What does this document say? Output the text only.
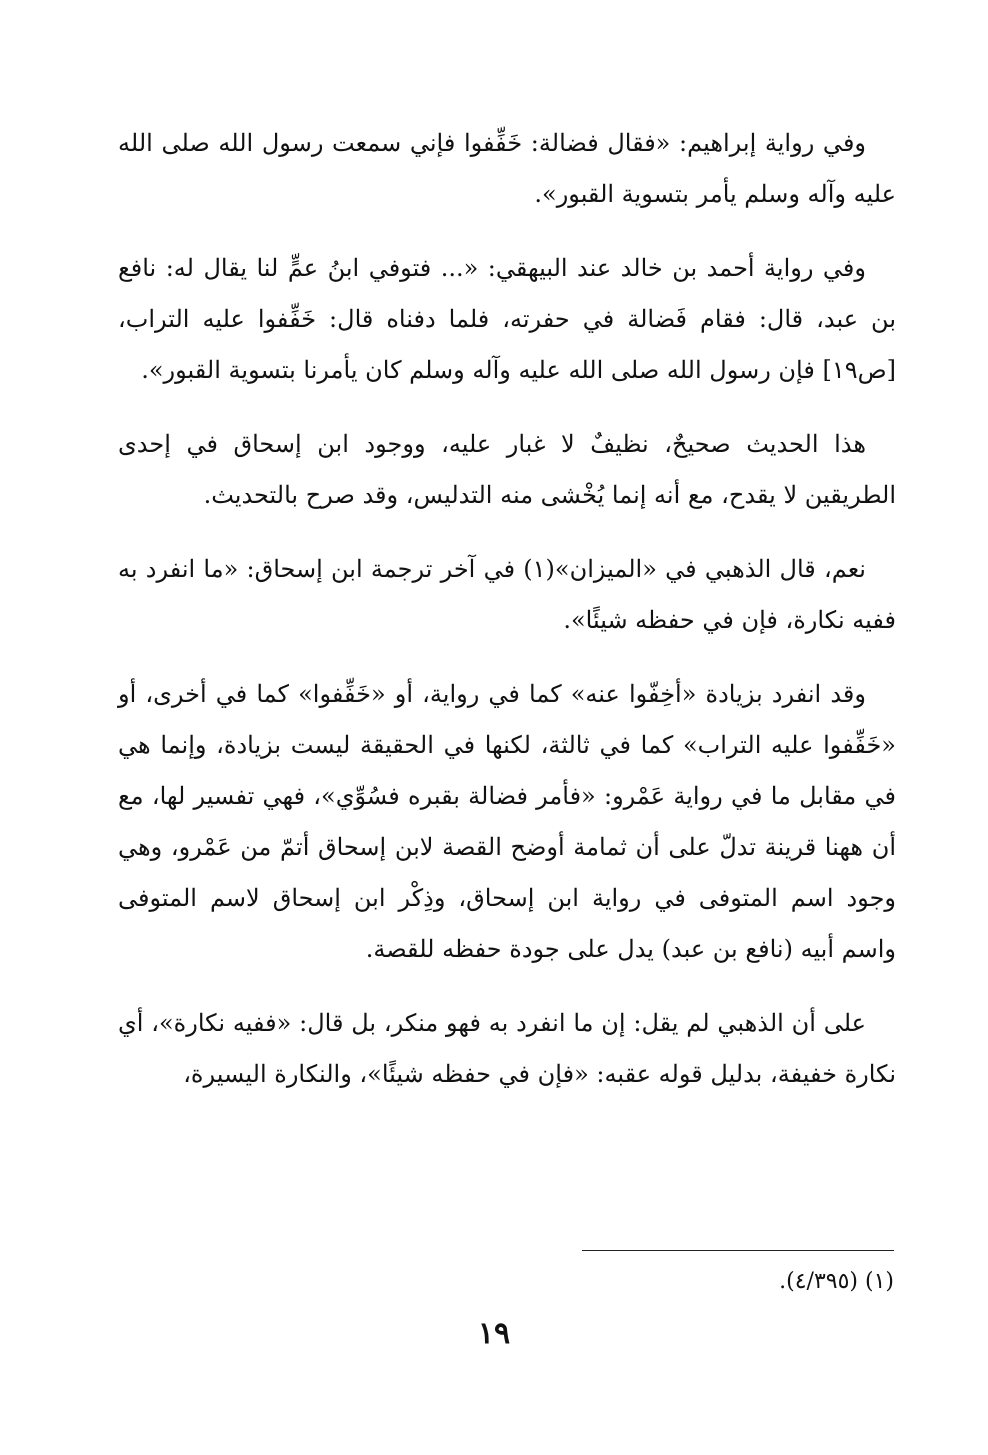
وفي رواية إبراهيم: «فقال فضالة: خَفِّفوا فإني سمعت رسول الله صلى الله عليه وآله وسلم يأمر بتسوية القبور».

وفي رواية أحمد بن خالد عند البيهقي: «... فتوفي ابنُ عمٍّ لنا يقال له: نافع بن عبد، قال: فقام فَضالة في حفرته، فلما دفناه قال: خَفِّفوا عليه التراب، [ص١٩] فإن رسول الله صلى الله عليه وآله وسلم كان يأمرنا بتسوية القبور».

هذا الحديث صحيحٌ، نظيفٌ لا غبار عليه، ووجود ابن إسحاق في إحدى الطريقين لا يقدح، مع أنه إنما يُخْشى منه التدليس، وقد صرح بالتحديث.

نعم، قال الذهبي في «الميزان»(١) في آخر ترجمة ابن إسحاق: «ما انفرد به ففيه نكارة، فإن في حفظه شيئًا».

وقد انفرد بزيادة «أخِفّوا عنه» كما في رواية، أو «خَفِّفوا» كما في أخرى، أو «خَفِّفوا عليه التراب» كما في ثالثة، لكنها في الحقيقة ليست بزيادة، وإنما هي في مقابل ما في رواية عَمْرو: «فأمر فضالة بقبره فسُوِّي»، فهي تفسير لها، مع أن ههنا قرينة تدلّ على أن ثمامة أوضح القصة لابن إسحاق أتمّ من عَمْرو، وهي وجود اسم المتوفى في رواية ابن إسحاق، وذِكْر ابن إسحاق لاسم المتوفى واسم أبيه (نافع بن عبد) يدل على جودة حفظه للقصة.

على أن الذهبي لم يقل: إن ما انفرد به فهو منكر، بل قال: «ففيه نكارة»، أي نكارة خفيفة، بدليل قوله عقبه: «فإن في حفظه شيئًا»، والنكارة اليسيرة،

(١) (٤/٣٩٥).
١٩
